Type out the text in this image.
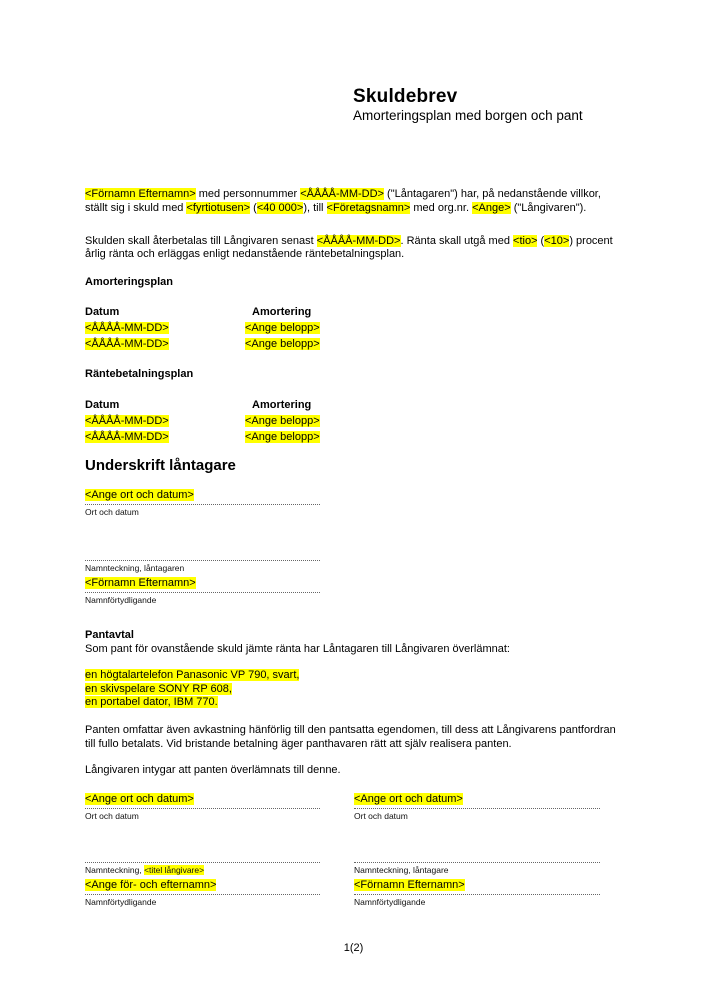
Skuldebrev
Amorteringsplan med borgen och pant

<Förnamn Efternamn> med personnummer <ÅÅÅÅ-MM-DD> ("Låntagaren") har, på nedanstående villkor, ställt sig i skuld med <fyrtiotusen> (<40 000>), till <Företagsnamn> med org.nr. <Ange> ("Långivaren").

Skulden skall återbetalas till Långivaren senast <ÅÅÅÅ-MM-DD>. Ränta skall utgå med <tio> (<10>) procent årlig ränta och erläggas enligt nedanstående räntebetalningsplan.

Amorteringsplan
Datum	Amortering
<ÅÅÅÅ-MM-DD>	<Ange belopp>
<ÅÅÅÅ-MM-DD>	<Ange belopp>
Räntebetalningsplan
Datum	Amortering
<ÅÅÅÅ-MM-DD>	<Ange belopp>
<ÅÅÅÅ-MM-DD>	<Ange belopp>
Underskrift låntagare
<Ange ort och datum>
Ort och datum
Namnteckning, låntagaren
<Förnamn Efternamn>
Namnförtydligande
Pantavtal

Som pant för ovanstående skuld jämte ränta har Låntagaren till Långivaren överlämnat:

en högtalartelefon Panasonic VP 790, svart,
en skivspelare SONY RP 608,
en portabel dator, IBM 770.

Panten omfattar även avkastning hänförlig till den pantsatta egendomen, till dess att Långivarens pantfordran till fullo betalats. Vid bristande betalning äger panthavaren rätt att själv realisera panten.

Långivaren intygar att panten överlämnats till denne.

<Ange ort och datum>
Ort och datum
<Ange ort och datum>
Ort och datum
Namnteckning, <titel långivare>
<Ange för- och efternamn>
Namnförtydligande
Namnteckning, låntagare
<Förnamn Efternamn>
Namnförtydligande
1(2)
